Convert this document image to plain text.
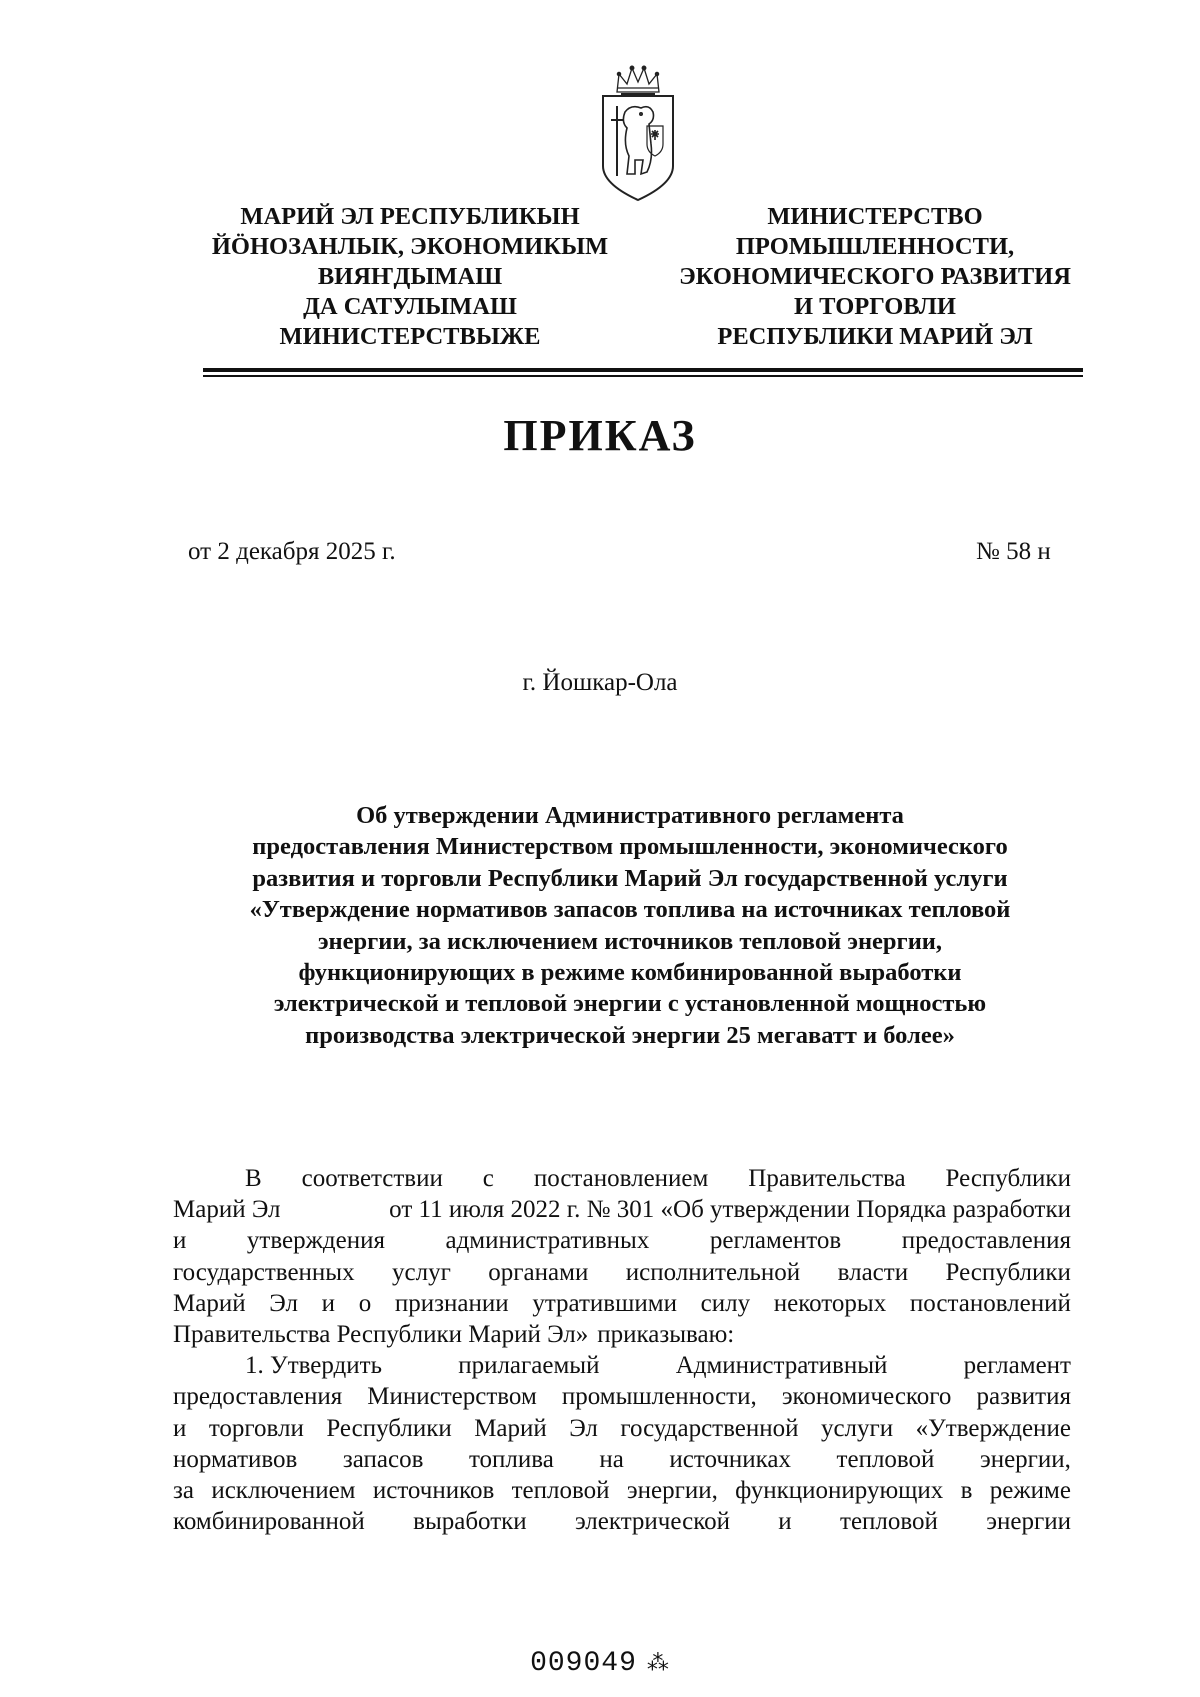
МАРИЙ ЭЛ РЕСПУБЛИКЫН
ЙӦНОЗАНЛЫК, ЭКОНОМИКЫМ
ВИЯҤДЫМАШ
ДА САТУЛЫМАШ
МИНИСТЕРСТВЫЖЕ
МИНИСТЕРСТВО
ПРОМЫШЛЕННОСТИ,
ЭКОНОМИЧЕСКОГО РАЗВИТИЯ
И ТОРГОВЛИ
РЕСПУБЛИКИ МАРИЙ ЭЛ
ПРИКАЗ
от 2 декабря 2025 г.	№ 58 н
г. Йошкар-Ола
Об утверждении Административного регламента
предоставления Министерством промышленности, экономического
развития и торговли Республики Марий Эл государственной услуги
«Утверждение нормативов запасов топлива на источниках тепловой
энергии, за исключением источников тепловой энергии,
функционирующих в режиме комбинированной выработки
электрической и тепловой энергии с установленной мощностью
производства электрической энергии 25 мегаватт и более»
В соответствии с постановлением Правительства Республики
Марий Эл	от 11 июля 2022 г. № 301 «Об утверждении Порядка разработки
и утверждения административных регламентов предоставления
государственных услуг органами исполнительной власти Республики
Марий Эл и о признании утратившими силу некоторых постановлений
Правительства Республики Марий Эл» приказываю:
1. Утвердить	прилагаемый	Административный	регламент
предоставления Министерством промышленности, экономического развития
и торговли Республики Марий Эл государственной услуги «Утверждение
нормативов запасов топлива на источниках тепловой энергии,
за исключением источников тепловой энергии, функционирующих в режиме
комбинированной выработки электрической и тепловой энергии
009049 ⁂
